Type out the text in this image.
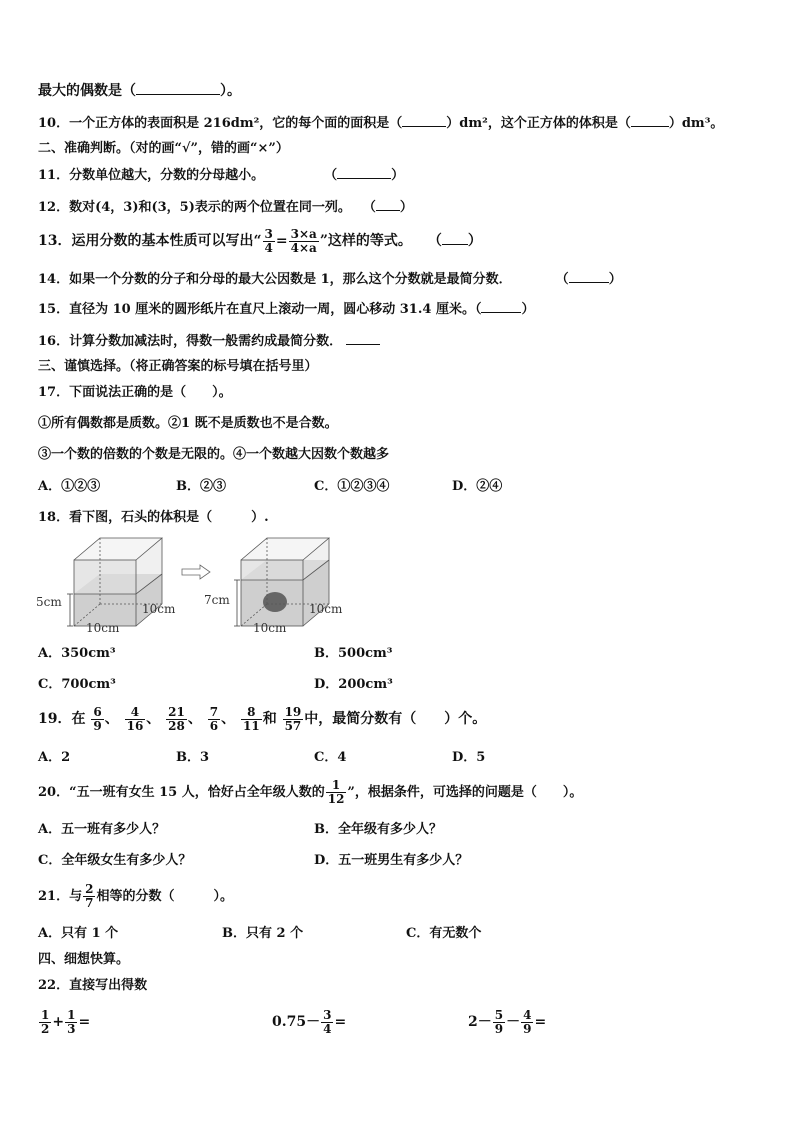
最大的偶数是（	）。
10．一个正方体的表面积是 216dm²，它的每个面的面积是（	）dm²，这个正方体的体积是（	）dm³。
二、准确判断。（对的画“√”，错的画“×”）
11．分数单位越大，分数的分母越小。	（	）
12．数对(4，3)和(3，5)表示的两个位置在同一列。 （ ）
13．运用分数的基本性质可以写出“ $\frac{3}{4} = \frac{3\times a}{4\times a}$ ”这样的等式。 （ ）
14．如果一个分数的分子和分母的最大公因数是 1，那么这个分数就是最简分数．	（	）
15．直径为 10 厘米的圆形纸片在直尺上滚动一周，圆心移动 31.4 厘米。（	）
16．计算分数加减法时，得数一般需约成最简分数．
三、谨慎选择。（将正确答案的标号填在括号里）
17．下面说法正确的是（　　）。
①所有偶数都是质数。②1 既不是质数也不是合数。
③一个数的倍数的个数是无限的。④一个数越大因数个数越多
A．①②③	B．②③	C．①②③④	D．②④
18．看下图，石头的体积是（　　　）.
5cm	10cm
10cm
7cm
10cm
10cm
A．350cm³	B．500cm³
C．700cm³	D．200cm³
19．在 $\frac{6}{9}$ 、 $\frac{4}{16}$ 、 $\frac{21}{28}$ 、 $\frac{7}{6}$ 、 $\frac{8}{11}$ 和 $\frac{19}{57}$ 中，最简分数有（　　）个。
A．2	B．3	C．4	D．5
20．“五一班有女生 15 人，恰好占全年级人数的 $\frac{1}{12}$ ”，根据条件，可选择的问题是（　　）。
A．五一班有多少人？	B．全年级有多少人？
C．全年级女生有多少人？	D．五一班男生有多少人？
21．与 $\frac{2}{7}$ 相等的分数（　　　）。
A．只有 1 个	B．只有 2 个	C．有无数个
四、细想快算。
22．直接写出得数
$\frac{1}{2} + \frac{1}{3}$ =	$0.75- \frac{3}{4}$ =	$2- \frac{5}{9} - \frac{4}{9}$ =
